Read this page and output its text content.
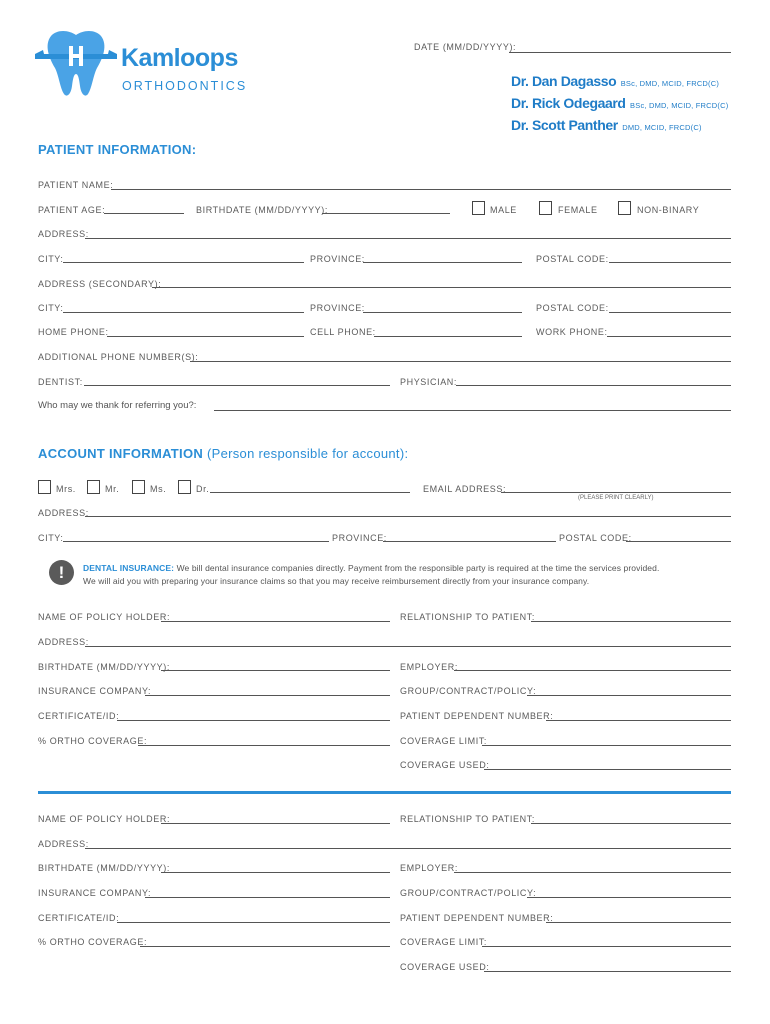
Kamloops
ORTHODONTICS
DATE (MM/DD/YYYY):
Dr. Dan Dagasso BSc, DMD, MCID, FRCD(C)
Dr. Rick Odegaard BSc, DMD, MCID, FRCD(C)
Dr. Scott Panther DMD, MCID, FRCD(C)
PATIENT INFORMATION:
PATIENT NAME:
PATIENT AGE:	BIRTHDATE (MM/DD/YYYY):	MALE	FEMALE	NON-BINARY
ADDRESS:
CITY:	PROVINCE:	POSTAL CODE:
ADDRESS (SECONDARY):
CITY:	PROVINCE:	POSTAL CODE:
HOME PHONE:	CELL PHONE:	WORK PHONE:
ADDITIONAL PHONE NUMBER(S):
DENTIST:	PHYSICIAN:
Who may we thank for referring you?:
ACCOUNT INFORMATION (Person responsible for account):
Mrs.	Mr.	Ms.	Dr.	EMAIL ADDRESS:
(PLEASE PRINT CLEARLY)
ADDRESS:
CITY:	PROVINCE:	POSTAL CODE:
!	DENTAL INSURANCE: We bill dental insurance companies directly. Payment from the responsible party is required at the time the services provided.
We will aid you with preparing your insurance claims so that you may receive reimbursement directly from your insurance company.
NAME OF POLICY HOLDER:	RELATIONSHIP TO PATIENT:
ADDRESS:
BIRTHDATE (MM/DD/YYYY):	EMPLOYER:
INSURANCE COMPANY:	GROUP/CONTRACT/POLICY:
CERTIFICATE/ID:	PATIENT DEPENDENT NUMBER:
% ORTHO COVERAGE:	COVERAGE LIMIT:
COVERAGE USED:
NAME OF POLICY HOLDER:	RELATIONSHIP TO PATIENT:
ADDRESS:
BIRTHDATE (MM/DD/YYYY):	EMPLOYER:
INSURANCE COMPANY:	GROUP/CONTRACT/POLICY:
CERTIFICATE/ID:	PATIENT DEPENDENT NUMBER:
% ORTHO COVERAGE:	COVERAGE LIMIT:
COVERAGE USED:
